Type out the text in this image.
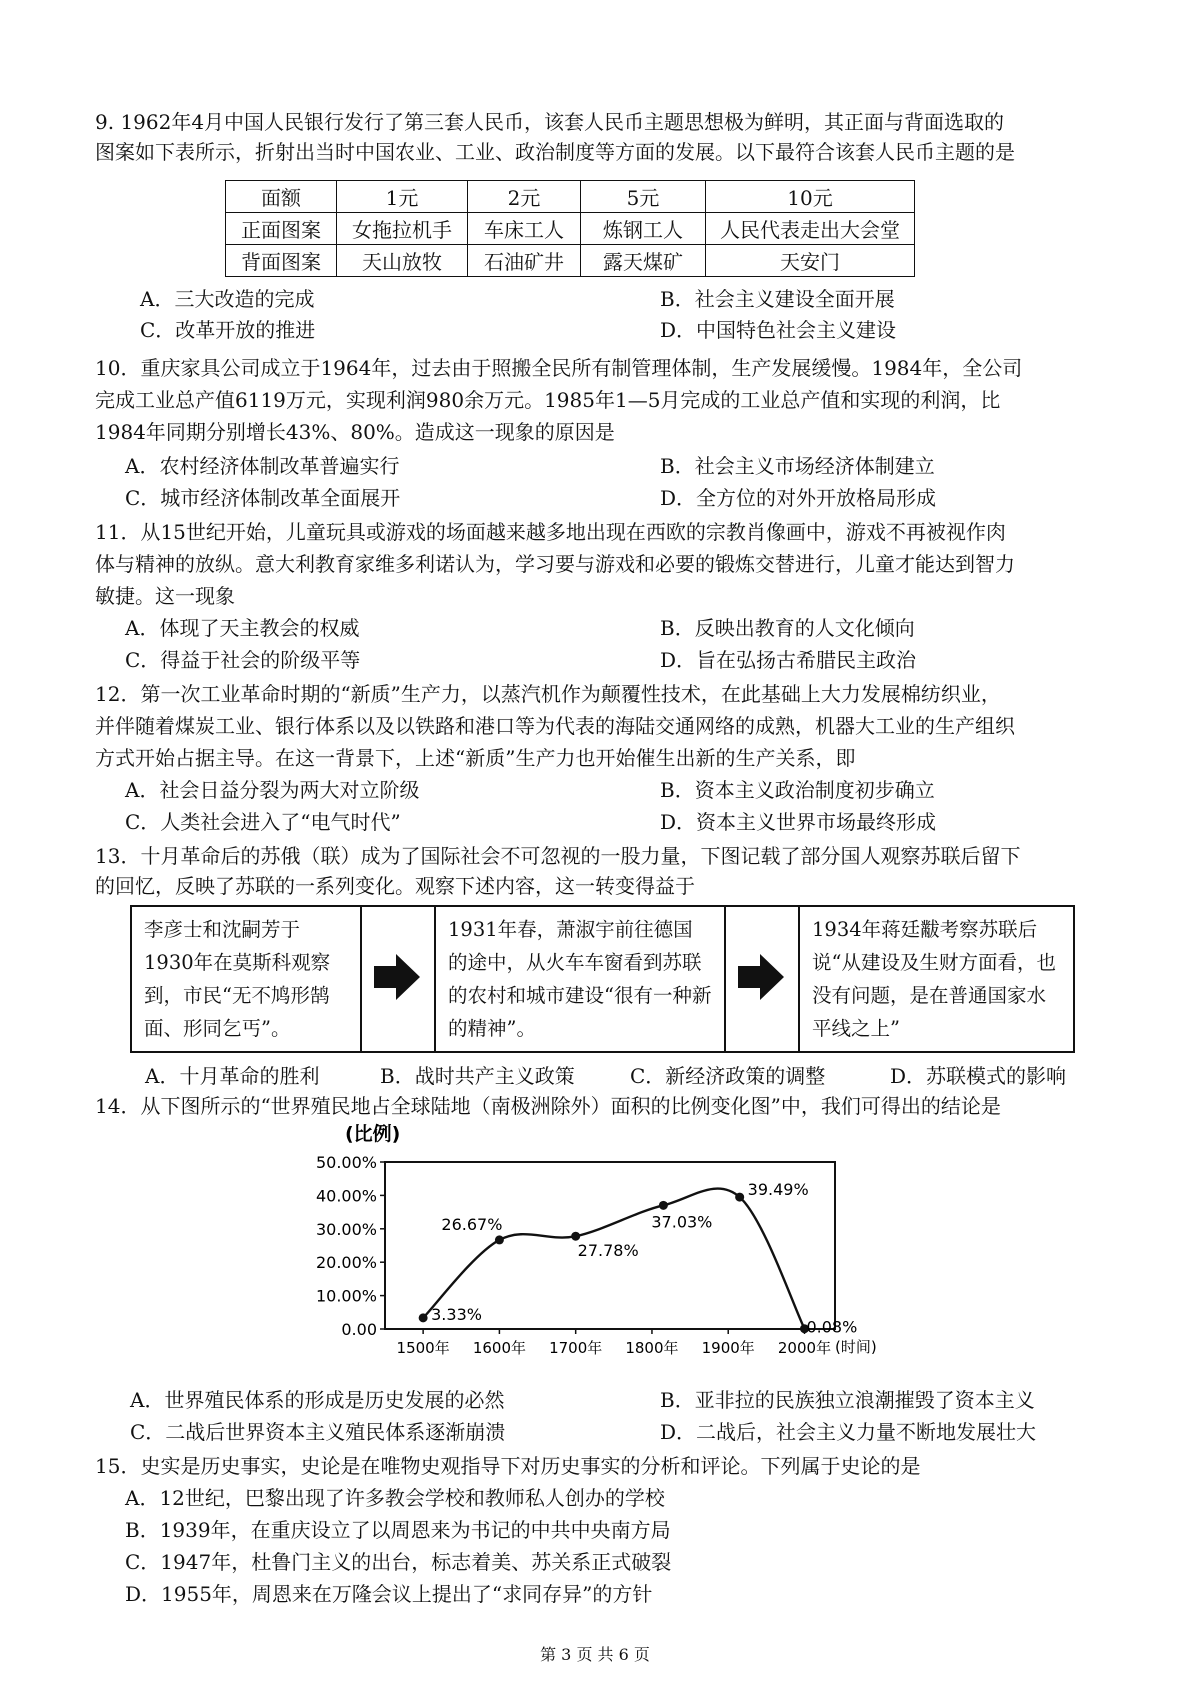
9. 1962年4月中国人民银行发行了第三套人民币，该套人民币主题思想极为鲜明，其正面与背面选取的
图案如下表所示，折射出当时中国农业、工业、政治制度等方面的发展。以下最符合该套人民币主题的是
面额	1元	2元	5元	10元
正面图案	女拖拉机手	车床工人	炼钢工人	人民代表走出大会堂
背面图案	天山放牧	石油矿井	露天煤矿	天安门
A．三大改造的完成	B．社会主义建设全面开展
C．改革开放的推进	D．中国特色社会主义建设
10．重庆家具公司成立于1964年，过去由于照搬全民所有制管理体制，生产发展缓慢。1984年，全公司
完成工业总产值6119万元，实现利润980余万元。1985年1—5月完成的工业总产值和实现的利润，比
1984年同期分别增长43%、80%。造成这一现象的原因是
A．农村经济体制改革普遍实行	B．社会主义市场经济体制建立
C．城市经济体制改革全面展开	D．全方位的对外开放格局形成
11．从15世纪开始，儿童玩具或游戏的场面越来越多地出现在西欧的宗教肖像画中，游戏不再被视作肉
体与精神的放纵。意大利教育家维多利诺认为，学习要与游戏和必要的锻炼交替进行，儿童才能达到智力
敏捷。这一现象
A．体现了天主教会的权威	B．反映出教育的人文化倾向
C．得益于社会的阶级平等	D．旨在弘扬古希腊民主政治
12．第一次工业革命时期的“新质”生产力，以蒸汽机作为颠覆性技术，在此基础上大力发展棉纺织业，
并伴随着煤炭工业、银行体系以及以铁路和港口等为代表的海陆交通网络的成熟，机器大工业的生产组织
方式开始占据主导。在这一背景下，上述“新质”生产力也开始催生出新的生产关系，即
A．社会日益分裂为两大对立阶级	B．资本主义政治制度初步确立
C．人类社会进入了“电气时代”	D．资本主义世界市场最终形成
13．十月革命后的苏俄（联）成为了国际社会不可忽视的一股力量，下图记载了部分国人观察苏联后留下
的回忆，反映了苏联的一系列变化。观察下述内容，这一转变得益于
李彦士和沈嗣芳于1930年在莫斯科观察到，市民“无不鸠形鹄面、形同乞丐”。
1931年春，萧淑宇前往德国的途中，从火车车窗看到苏联的农村和城市建设“很有一种新的精神”。
1934年蒋廷黻考察苏联后说“从建设及生财方面看，也没有问题，是在普通国家水平线之上”
A．十月革命的胜利	B．战时共产主义政策	C．新经济政策的调整	D．苏联模式的影响
14．从下图所示的“世界殖民地占全球陆地（南极洲除外）面积的比例变化图”中，我们可得出的结论是
(比例)
0.00
10.00%
20.00%
30.00%
40.00%
50.00%
1500年 1600年 1700年 1800年 1900年 2000年
3.33%
26.67%
27.78%
37.03%
39.49%
0.08%
(时间)
A．世界殖民体系的形成是历史发展的必然	B．亚非拉的民族独立浪潮摧毁了资本主义
C．二战后世界资本主义殖民体系逐渐崩溃	D．二战后，社会主义力量不断地发展壮大
15．史实是历史事实，史论是在唯物史观指导下对历史事实的分析和评论。下列属于史论的是
A．12世纪，巴黎出现了许多教会学校和教师私人创办的学校
B．1939年，在重庆设立了以周恩来为书记的中共中央南方局
C．1947年，杜鲁门主义的出台，标志着美、苏关系正式破裂
D．1955年，周恩来在万隆会议上提出了“求同存异”的方针
第 3 页 共 6 页
